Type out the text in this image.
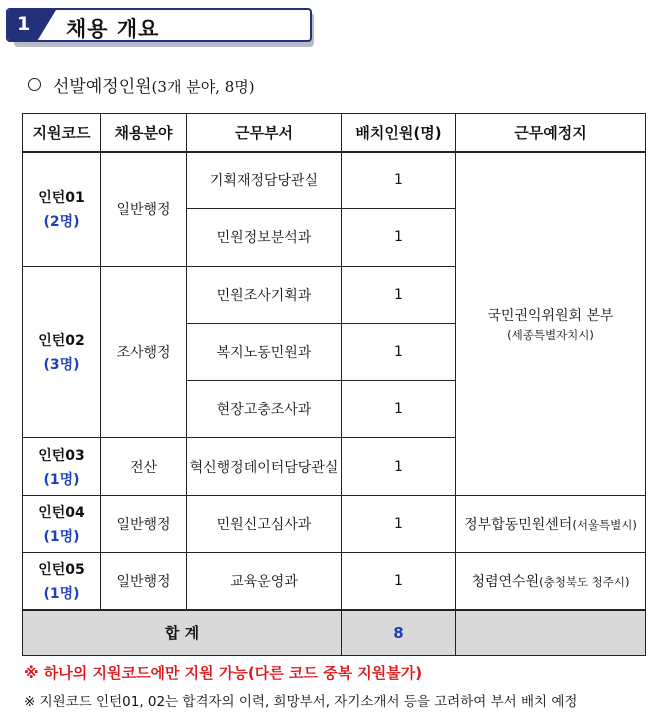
1 채용 개요
선발예정인원(3개 분야, 8명)
지원코드	채용분야	근무부서	배치인원(명)	근무예정지
인턴01
(2명)	일반행정	기획재정담당관실	1	국민권익위원회 본부
(세종특별자치시)

		민원정보분석과	1	
인턴02
(3명)	조사행정	민원조사기획과	1	
		복지노동민원과	1	
		현장고충조사과	1	
인턴03
(1명)	전산	혁신행정데이터담당관실	1	
인턴04
(1명)	일반행정	민원신고심사과	1	정부합동민원센터(서울특별시)
인턴05
(1명)	일반행정	교육운영과	1	청렴연수원(충청북도 청주시)
합 계			8	
※ 하나의 지원코드에만 지원 가능(다른 코드 중복 지원불가)
※ 지원코드 인턴01, 02는 합격자의 이력, 희망부서, 자기소개서 등을 고려하여 부서 배치 예정
